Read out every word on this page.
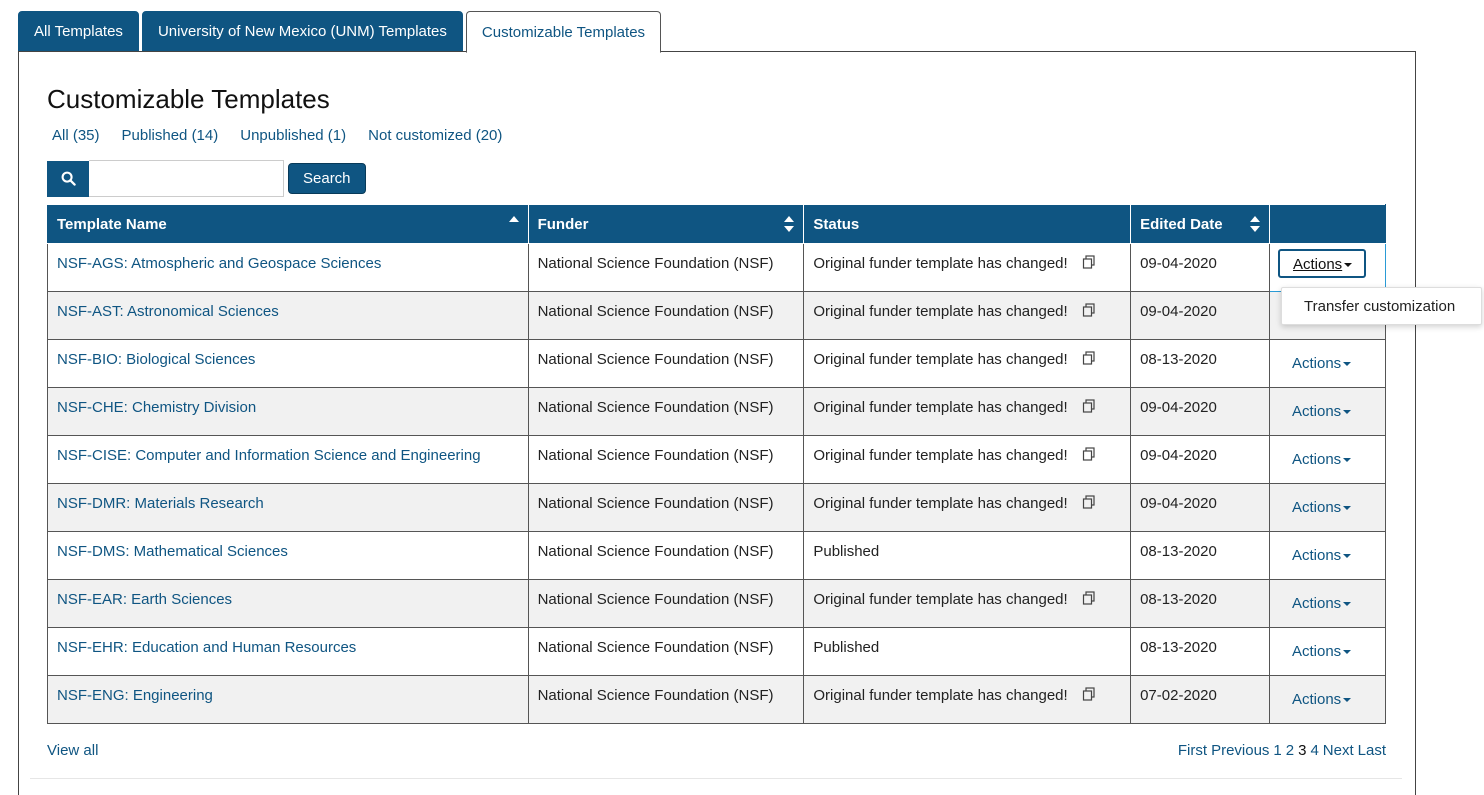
All Templates	University of New Mexico (UNM) Templates	Customizable Templates
Customizable Templates
All (35) Published (14) Unpublished (1) Not customized (20)
Search
Template Name	Funder	Status	Edited Date

NSF-AGS: Atmospheric and Geospace Sciences	National Science Foundation (NSF)	Original funder template has changed!	09-04-2020	Actions
NSF-AST: Astronomical Sciences	National Science Foundation (NSF)	Original funder template has changed!	09-04-2020	
NSF-BIO: Biological Sciences	National Science Foundation (NSF)	Original funder template has changed!	08-13-2020	Actions
NSF-CHE: Chemistry Division	National Science Foundation (NSF)	Original funder template has changed!	09-04-2020	Actions
NSF-CISE: Computer and Information Science and Engineering	National Science Foundation (NSF)	Original funder template has changed!	09-04-2020	Actions
NSF-DMR: Materials Research	National Science Foundation (NSF)	Original funder template has changed!	09-04-2020	Actions
NSF-DMS: Mathematical Sciences	National Science Foundation (NSF)	Published	08-13-2020	Actions
NSF-EAR: Earth Sciences	National Science Foundation (NSF)	Original funder template has changed!	08-13-2020	Actions
NSF-EHR: Education and Human Resources	National Science Foundation (NSF)	Published	08-13-2020	Actions
NSF-ENG: Engineering	National Science Foundation (NSF)	Original funder template has changed!	07-02-2020	Actions
Transfer customization
View all	First Previous 1 2 3 4 Next Last
